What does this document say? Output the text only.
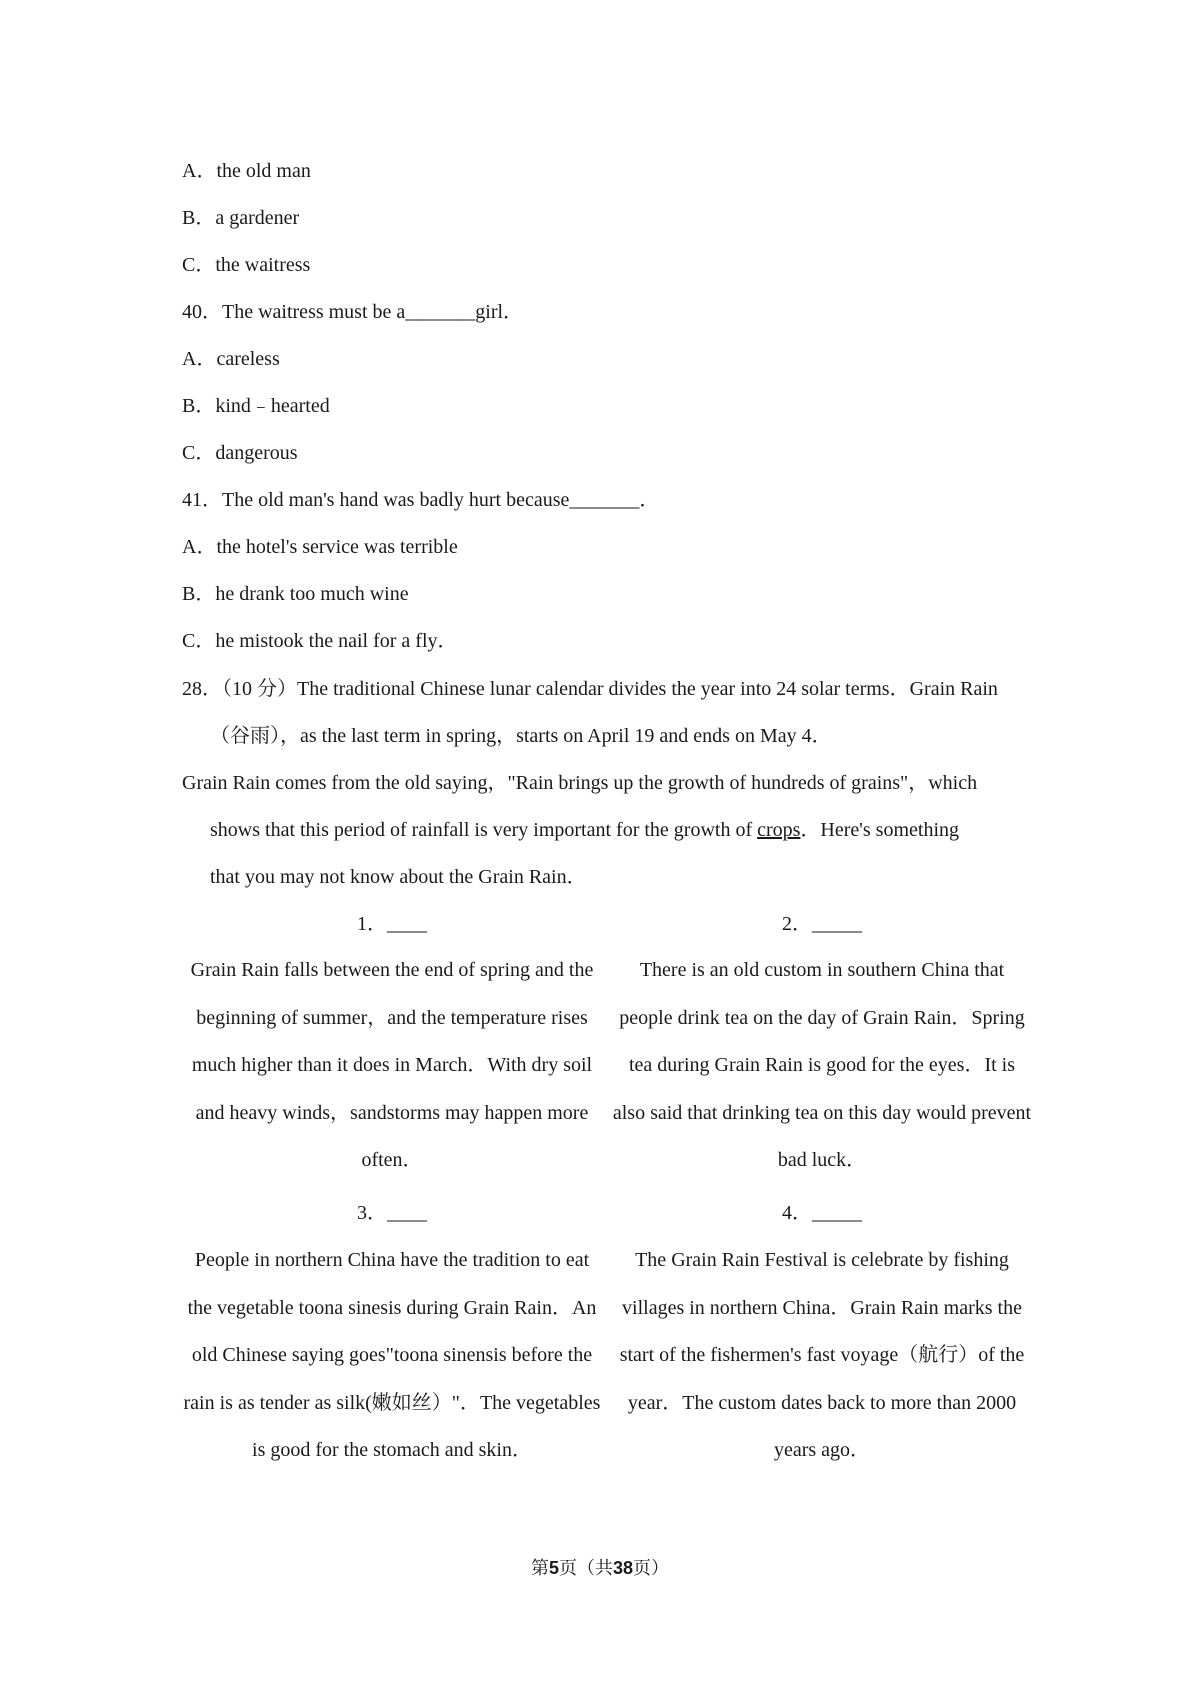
A．the old man
B．a gardener
C．the waitress
40．The waitress must be a_______girl．
A．careless
B．kind﹣hearted
C．dangerous
41．The old man's hand was badly hurt because_______．
A．the hotel's service was terrible
B．he drank too much wine
C．he mistook the nail for a fly．
28．（10 分）The traditional Chinese lunar calendar divides the year into 24 solar terms．Grain Rain
（谷雨），as the last term in spring，starts on April 19 and ends on May 4．
Grain Rain comes from the old saying，"Rain brings up the growth of hundreds of grains"，which
shows that this period of rainfall is very important for the growth of crops．Here's something
that you may not know about the Grain Rain．
1．____	2．_____
Grain Rain falls between the end of spring and the beginning of summer，and the temperature rises much higher than it does in March．With dry soil and heavy winds，sandstorms may happen more often．
There is an old custom in southern China that people drink tea on the day of Grain Rain．Spring tea during Grain Rain is good for the eyes．It is also said that drinking tea on this day would prevent bad luck．
3．____	4．_____
People in northern China have the tradition to eat the vegetable toona sinesis during Grain Rain．An old Chinese saying goes"toona sinensis before the rain is as tender as silk(嫩如丝）"．The vegetables is good for the stomach and skin．
The Grain Rain Festival is celebrate by fishing villages in northern China．Grain Rain marks the start of the fishermen's fast voyage（航行）of the year．The custom dates back to more than 2000 years ago．
第5页（共38页）
